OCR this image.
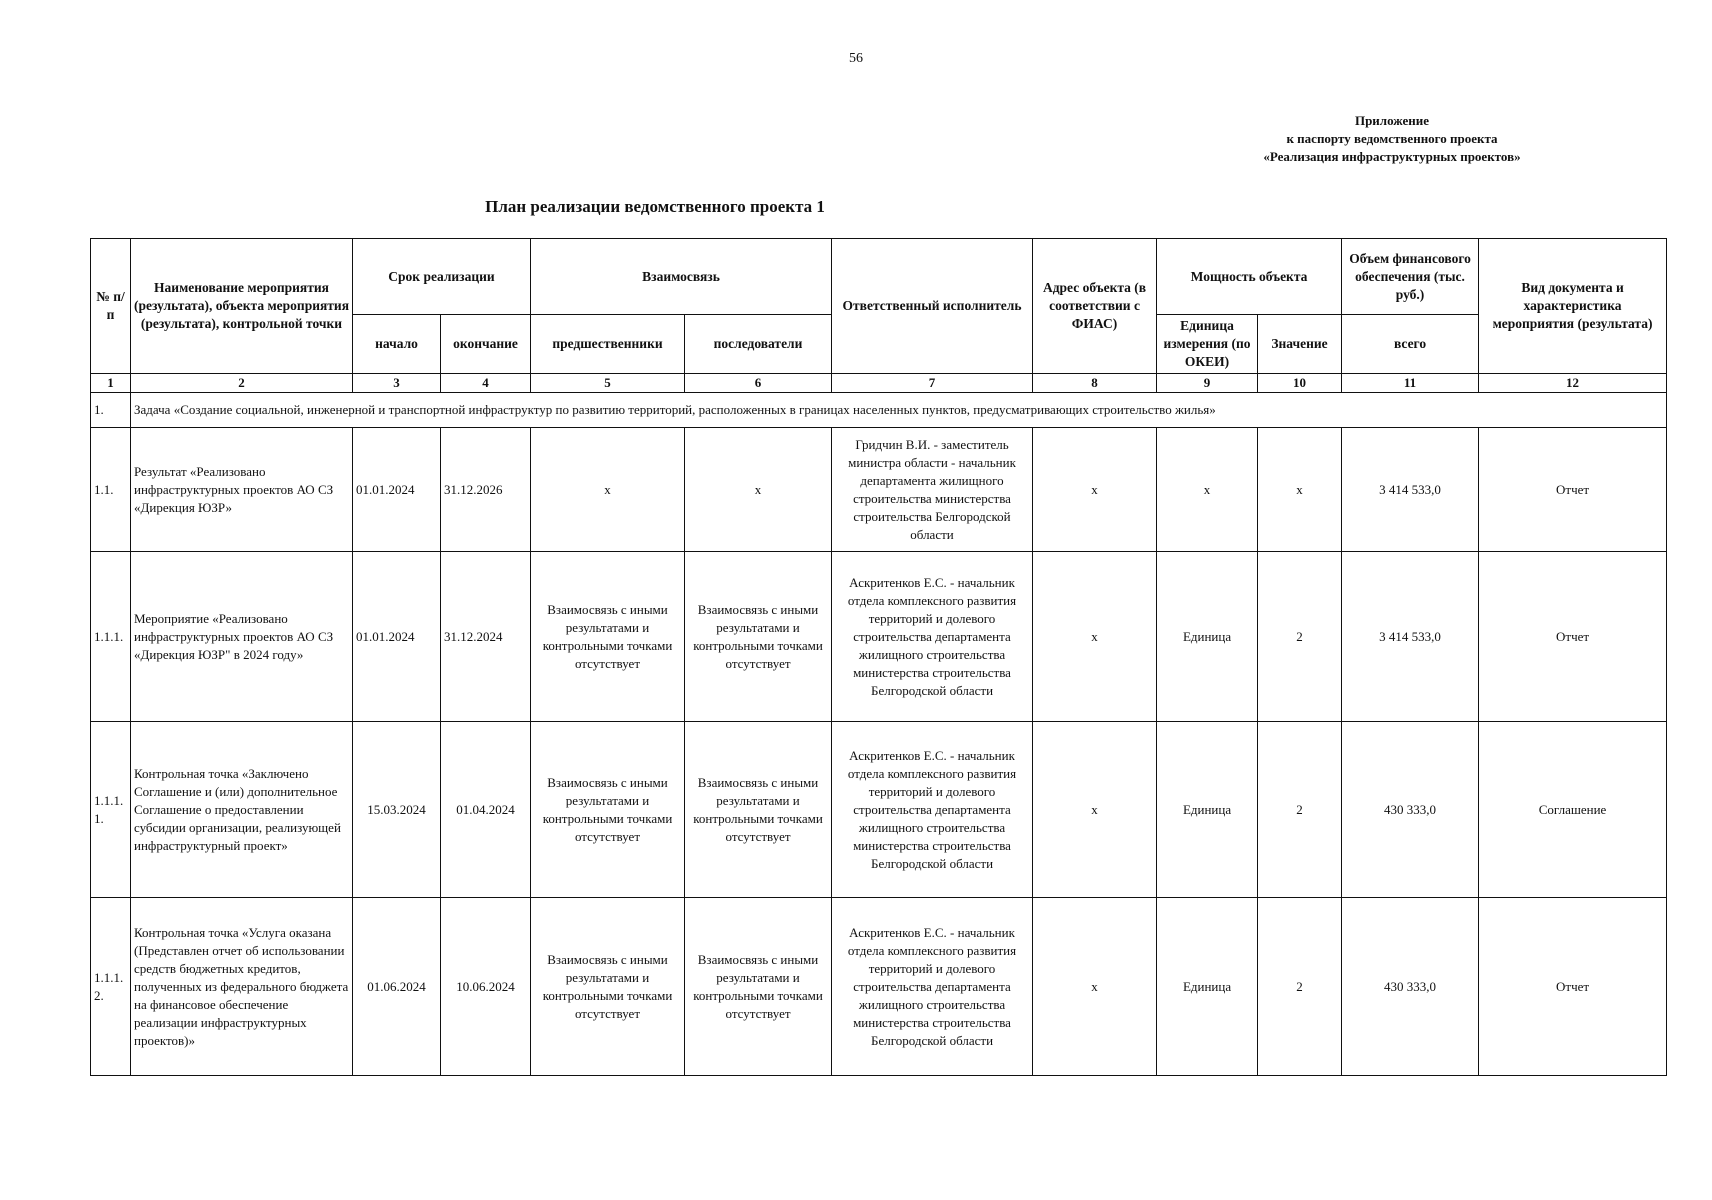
56
Приложение
к паспорту ведомственного проекта
«Реализация инфраструктурных проектов»
План реализации ведомственного проекта 1
№ п/п	Наименование мероприятия (результата), объекта мероприятия (результата), контрольной точки	Срок реализации		Взаимосвязь		Ответственный исполнитель	Адрес объекта (в соответствии с ФИАС)	Мощность объекта		Объем финансового обеспечения (тыс. руб.)	Вид документа и характеристика мероприятия (результата)
		начало	окончание	предшественники	последователи			Единица измерения (по ОКЕИ)	Значение	всего	
1	2	3	4	5	6	7	8	9	10	11	12
1.	Задача «Создание социальной, инженерной и транспортной инфраструктур по развитию территорий, расположенных в границах населенных пунктов, предусматривающих строительство жилья»										
1.1.	Результат «Реализовано инфраструктурных проектов АО СЗ «Дирекция ЮЗР»	01.01.2024	31.12.2026	x	x	Гридчин В.И. - заместитель министра области - начальник департамента жилищного строительства министерства строительства Белгородской области	x	x	x	3 414 533,0	Отчет
1.1.1.	Мероприятие «Реализовано инфраструктурных проектов АО СЗ «Дирекция ЮЗР" в 2024 году»	01.01.2024	31.12.2024	Взаимосвязь с иными результатами и контрольными точками отсутствует	Взаимосвязь с иными результатами и контрольными точками отсутствует	Аскритенков Е.С. - начальник отдела комплексного развития территорий и долевого строительства департамента жилищного строительства министерства строительства Белгородской области	x	Единица	2	3 414 533,0	Отчет
1.1.1.1.	Контрольная точка «Заключено Соглашение и (или) дополнительное Соглашение о предоставлении субсидии организации, реализующей инфраструктурный проект»	15.03.2024	01.04.2024	Взаимосвязь с иными результатами и контрольными точками отсутствует	Взаимосвязь с иными результатами и контрольными точками отсутствует	Аскритенков Е.С. - начальник отдела комплексного развития территорий и долевого строительства департамента жилищного строительства министерства строительства Белгородской области	x	Единица	2	430 333,0	Соглашение
1.1.1.2.	Контрольная точка «Услуга оказана (Представлен отчет об использовании средств бюджетных кредитов, полученных из федерального бюджета на финансовое обеспечение реализации инфраструктурных проектов)»	01.06.2024	10.06.2024	Взаимосвязь с иными результатами и контрольными точками отсутствует	Взаимосвязь с иными результатами и контрольными точками отсутствует	Аскритенков Е.С. - начальник отдела комплексного развития территорий и долевого строительства департамента жилищного строительства министерства строительства Белгородской области	x	Единица	2	430 333,0	Отчет
